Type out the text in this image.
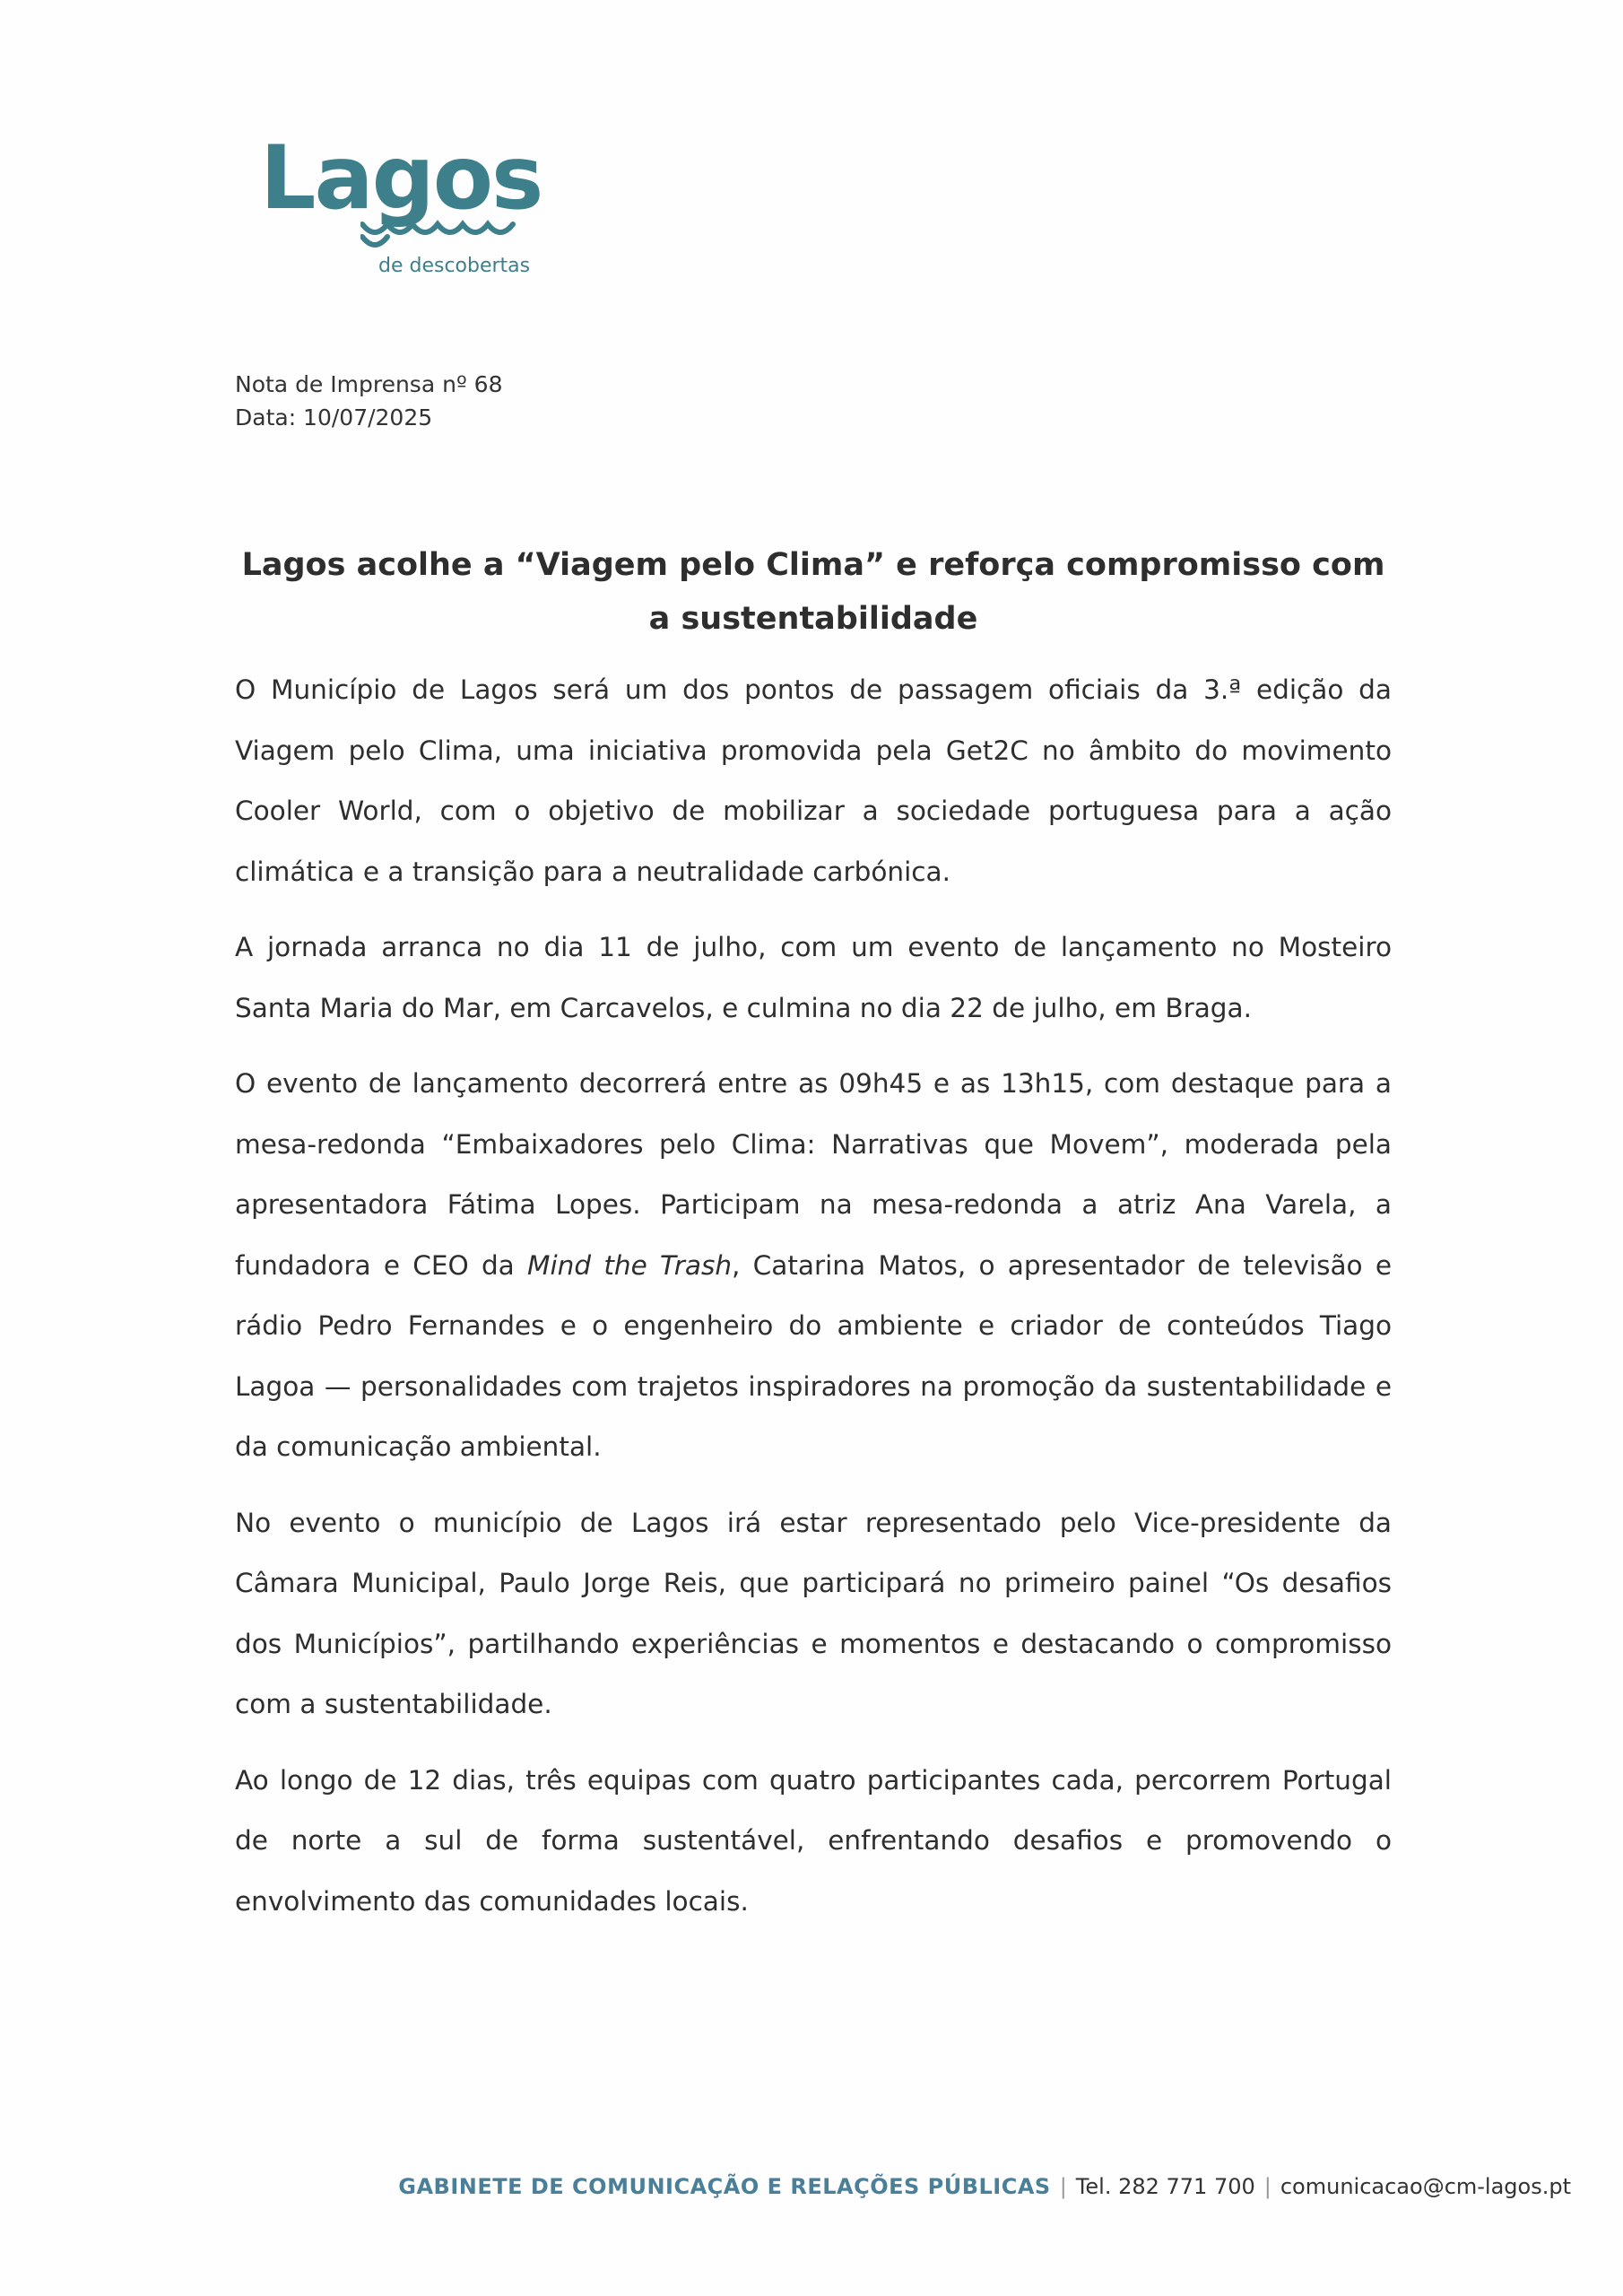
Lagos
de descobertas
Nota de Imprensa nº 68
Data: 10/07/2025
Lagos acolhe a “Viagem pelo Clima” e reforça compromisso com a sustentabilidade

O Município de Lagos será um dos pontos de passagem oficiais da 3.ª edição da Viagem pelo Clima, uma iniciativa promovida pela Get2C no âmbito do movimento Cooler World, com o objetivo de mobilizar a sociedade portuguesa para a ação climática e a transição para a neutralidade carbónica.

A jornada arranca no dia 11 de julho, com um evento de lançamento no Mosteiro Santa Maria do Mar, em Carcavelos, e culmina no dia 22 de julho, em Braga.

O evento de lançamento decorrerá entre as 09h45 e as 13h15, com destaque para a mesa-redonda “Embaixadores pelo Clima: Narrativas que Movem”, moderada pela apresentadora Fátima Lopes. Participam na mesa-redonda a atriz Ana Varela, a fundadora e CEO da Mind the Trash, Catarina Matos, o apresentador de televisão e rádio Pedro Fernandes e o engenheiro do ambiente e criador de conteúdos Tiago Lagoa — personalidades com trajetos inspiradores na promoção da sustentabilidade e da comunicação ambiental.

No evento o município de Lagos irá estar representado pelo Vice-presidente da Câmara Municipal, Paulo Jorge Reis, que participará no primeiro painel “Os desafios dos Municípios”, partilhando experiências e momentos e destacando o compromisso com a sustentabilidade.

Ao longo de 12 dias, três equipas com quatro participantes cada, percorrem Portugal de norte a sul de forma sustentável, enfrentando desafios e promovendo o envolvimento das comunidades locais.

GABINETE DE COMUNICAÇÃO E RELAÇÕES PÚBLICAS | Tel. 282 771 700 | comunicacao@cm-lagos.pt
